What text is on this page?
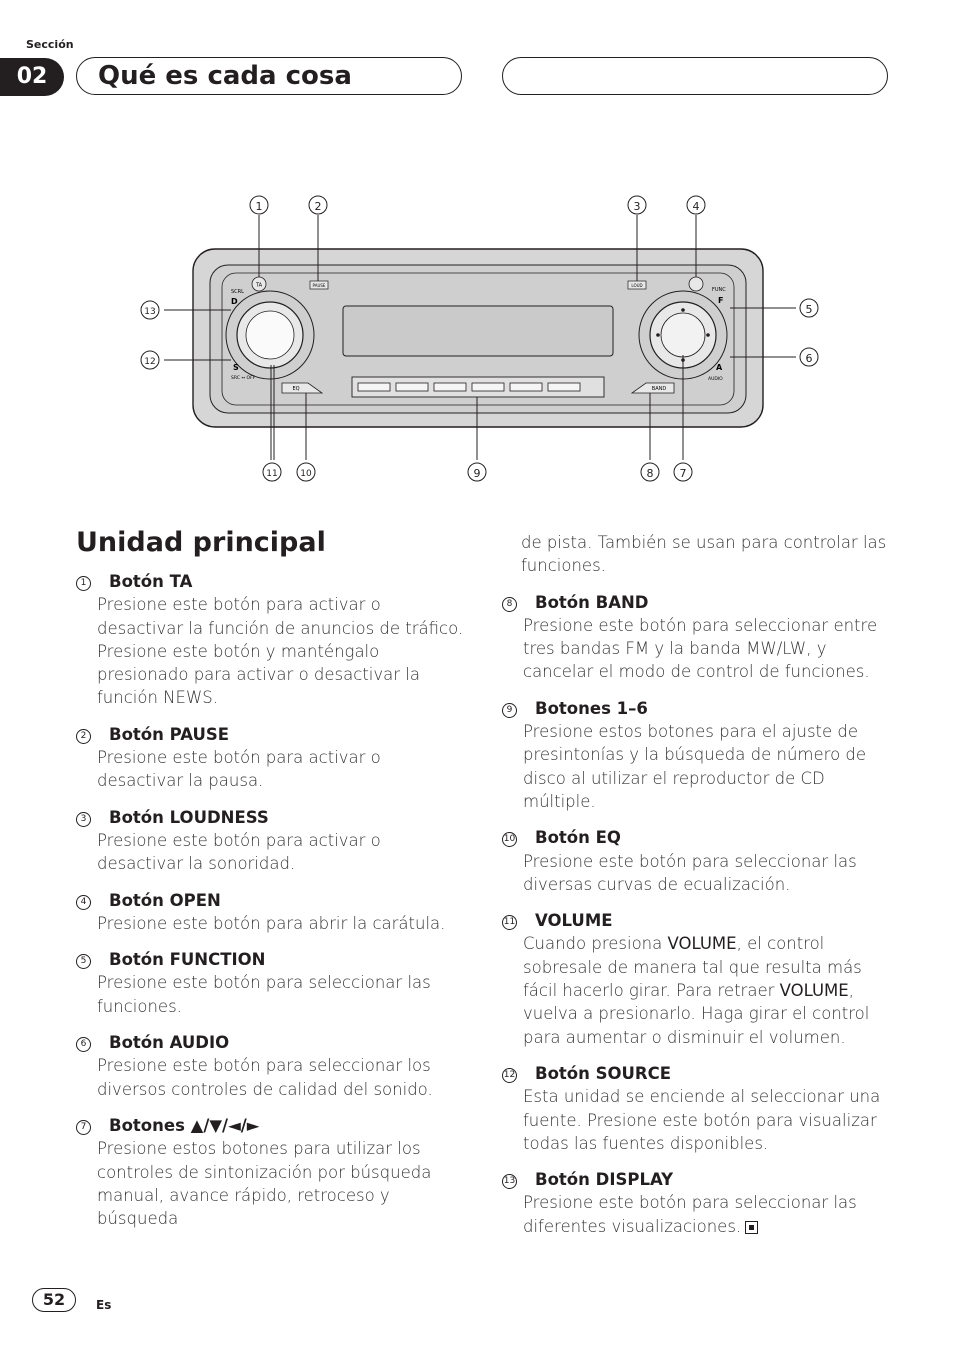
Sección
02	Qué es cada cosa
TA	PAUSE	LOUD
SCRL
D
S
SRC ↔ OFF
FUNC
F
A
AUDIO
EQ	BAND
1	2	3	4
5
6
7
8
9
10
11
12
13
Unidad principal
1	Botón TA
Presione este botón para activar o desactivar la función de anuncios de tráfico. Presione este botón y manténgalo presionado para activar o desactivar la función NEWS.
2	Botón PAUSE
Presione este botón para activar o desactivar la pausa.
3	Botón LOUDNESS
Presione este botón para activar o desactivar la sonoridad.
4	Botón OPEN
Presione este botón para abrir la carátula.
5	Botón FUNCTION
Presione este botón para seleccionar las funciones.
6	Botón AUDIO
Presione este botón para seleccionar los diversos controles de calidad del sonido.
7	Botones ▲/▼/◄/►
Presione estos botones para utilizar los controles de sintonización por búsqueda manual, avance rápido, retroceso y búsqueda
de pista. También se usan para controlar las funciones.
8	Botón BAND
Presione este botón para seleccionar entre tres bandas FM y la banda MW/LW, y cancelar el modo de control de funciones.
9	Botones 1–6
Presione estos botones para el ajuste de presintonías y la búsqueda de número de disco al utilizar el reproductor de CD múltiple.
10	Botón EQ
Presione este botón para seleccionar las diversas curvas de ecualización.
11	VOLUME
Cuando presiona VOLUME, el control sobresale de manera tal que resulta más fácil hacerlo girar. Para retraer VOLUME, vuelva a presionarlo. Haga girar el control para aumentar o disminuir el volumen.
12	Botón SOURCE
Esta unidad se enciende al seleccionar una fuente. Presione este botón para visualizar todas las fuentes disponibles.
13	Botón DISPLAY
Presione este botón para seleccionar las diferentes visualizaciones.
52	Es
